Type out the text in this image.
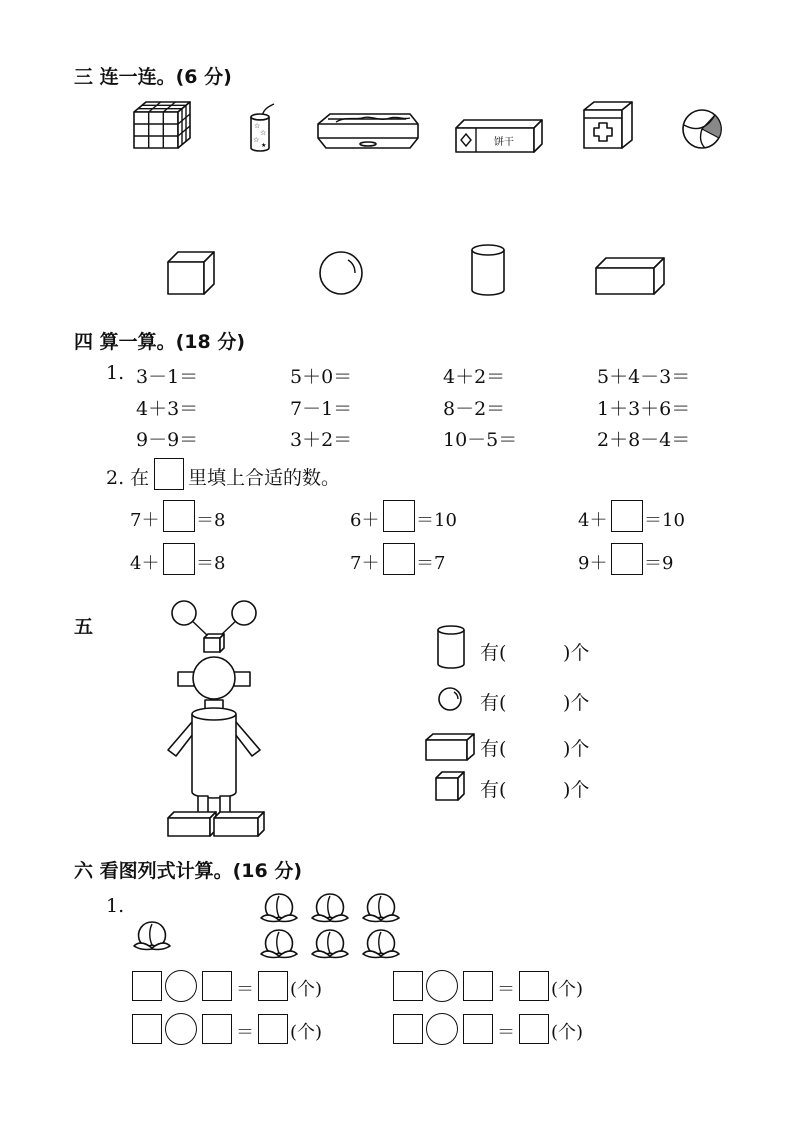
三 连一连。(6 分)
☆
☆
☆
★	饼干
四 算一算。(18 分)
1. 3－1＝	5＋0＝	4＋2＝	5＋4－3＝
4＋3＝	7－1＝	8－2＝	1＋3＋6＝
9－9＝	3＋2＝	10－5＝	2＋8－4＝
2. 在 里填上合适的数。
7＋ ＝8	6＋ ＝10	4＋ ＝10
4＋ ＝8	7＋ ＝7	9＋ ＝9
五
有(	)个
有(	)个
有(	)个
有(	)个
六 看图列式计算。(16 分)
1.
＝ (个)	＝ (个)
＝ (个)	＝ (个)
